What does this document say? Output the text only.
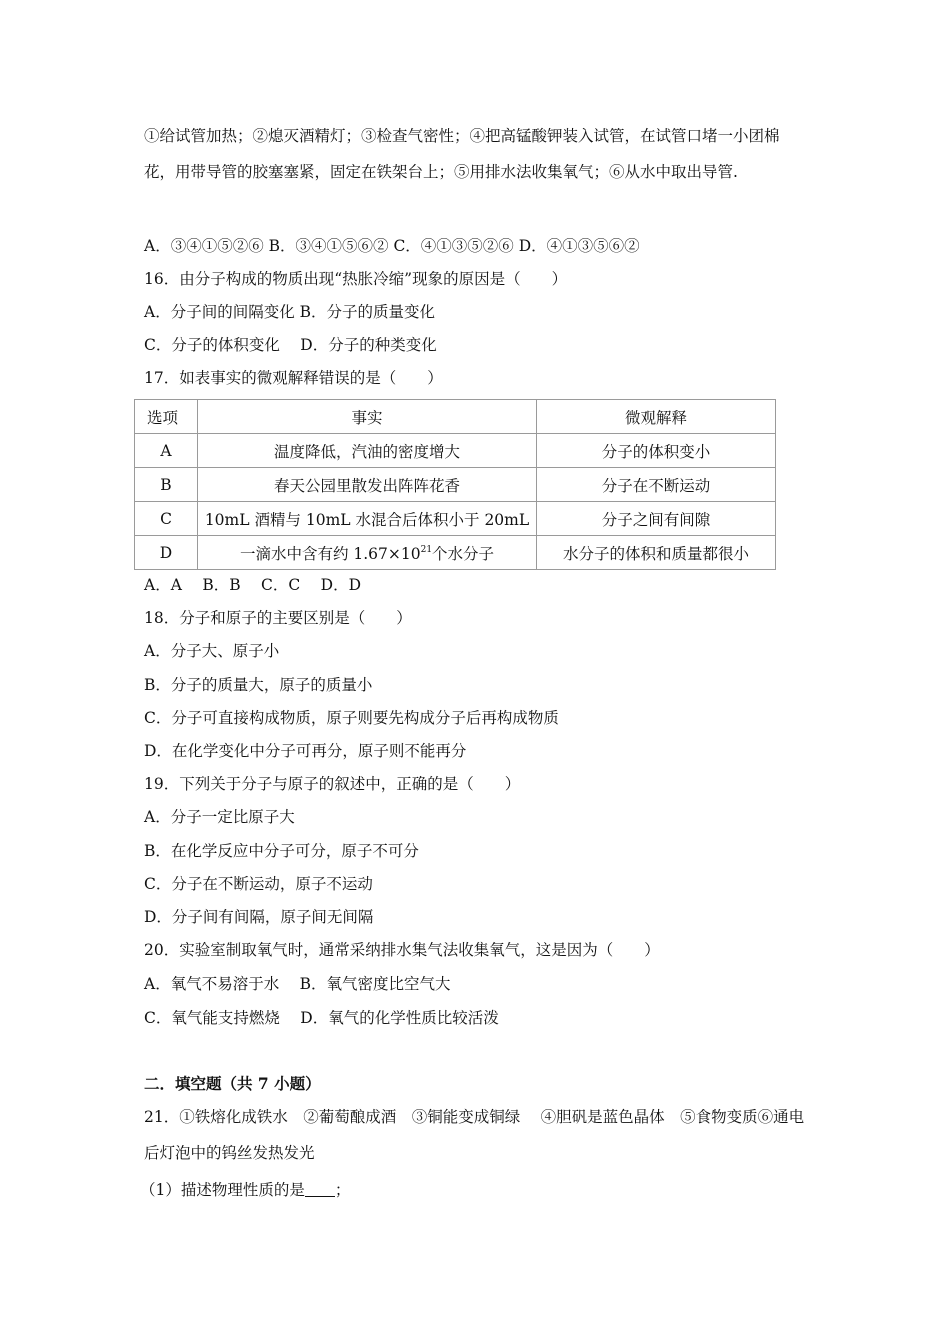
①给试管加热；②熄灭酒精灯；③检查气密性；④把高锰酸钾装入试管，在试管口堵一小团棉花，用带导管的胶塞塞紧，固定在铁架台上；⑤用排水法收集氧气；⑥从水中取出导管.
A．③④①⑤②⑥ B．③④①⑤⑥② C．④①③⑤②⑥ D．④①③⑤⑥②
16．由分子构成的物质出现“热胀冷缩”现象的原因是（　　）
A．分子间的间隔变化 B．分子的质量变化
C．分子的体积变化　 D．分子的种类变化
17．如表事实的微观解释错误的是（　　）
选项	事实	微观解释
A	温度降低，汽油的密度增大	分子的体积变小
B	春天公园里散发出阵阵花香	分子在不断运动
C	10mL 酒精与 10mL 水混合后体积小于 20mL	分子之间有间隙
D	一滴水中含有约 $1.67\times 10^{21}$个水分子	水分子的体积和质量都很小
A．A　 B．B　 C．C　 D．D
18．分子和原子的主要区别是（　　）
A．分子大、原子小
B．分子的质量大，原子的质量小
C．分子可直接构成物质，原子则要先构成分子后再构成物质
D．在化学变化中分子可再分，原子则不能再分
19．下列关于分子与原子的叙述中，正确的是（　　）
A．分子一定比原子大
B．在化学反应中分子可分，原子不可分
C．分子在不断运动，原子不运动
D．分子间有间隔，原子间无间隔
20．实验室制取氧气时，通常采纳排水集气法收集氧气，这是因为（　　）
A．氧气不易溶于水　 B．氧气密度比空气大
C．氧气能支持燃烧　 D．氧气的化学性质比较活泼
二．填空题（共 7 小题）
21．①铁熔化成铁水　②葡萄酿成酒　③铜能变成铜绿　 ④胆矾是蓝色晶体　⑤食物变质⑥通电后灯泡中的钨丝发热发光
（1）描述物理性质的是 ；
